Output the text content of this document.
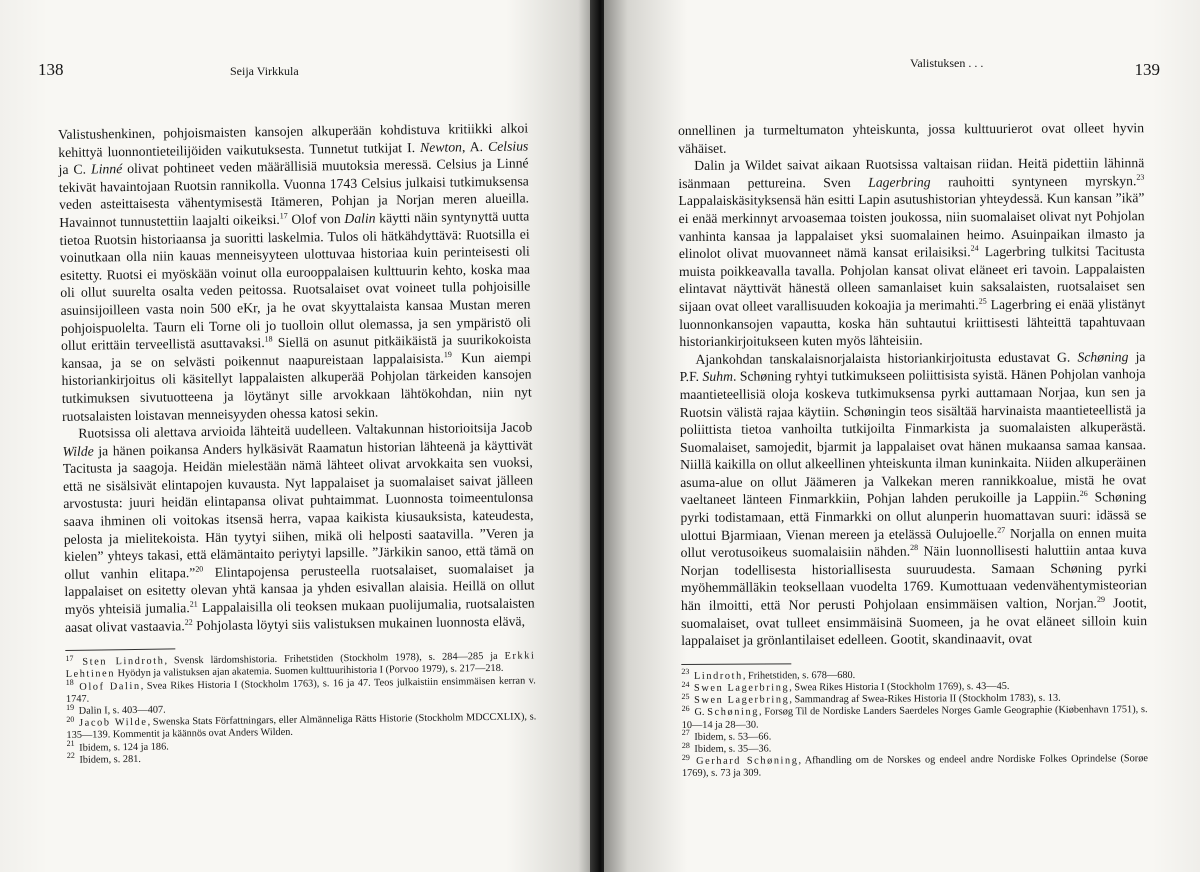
138	Seija Virkkula

Valistushenkinen, pohjoismaisten kansojen alkuperään kohdistuva kritiikki alkoi kehittyä luonnontieteilijöiden vaikutuksesta. Tunnetut tutkijat I. Newton, A. Celsius ja C. Linné olivat pohtineet veden määrällisiä muutoksia meressä. Celsius ja Linné tekivät havaintojaan Ruotsin rannikolla. Vuonna 1743 Celsius julkaisi tutkimuksensa veden asteittaisesta vähentymisestä Itämeren, Pohjan ja Norjan meren alueilla. Havainnot tunnustettiin laajalti oikeiksi.$^{17}$ Olof von Dalin käytti näin syntynyttä uutta tietoa Ruotsin historiaansa ja suoritti laskelmia. Tulos oli hätkähdyttävä: Ruotsilla ei voinutkaan olla niin kauas menneisyyteen ulottuvaa historiaa kuin perinteisesti oli esitetty. Ruotsi ei myöskään voinut olla eurooppalaisen kulttuurin kehto, koska maa oli ollut suurelta osalta veden peitossa. Ruotsalaiset ovat voineet tulla pohjoisille asuinsijoilleen vasta noin 500 eKr, ja he ovat skyyttalaista kansaa Mustan meren pohjoispuolelta. Taurn eli Torne oli jo tuolloin ollut olemassa, ja sen ympäristö oli ollut erittäin terveellistä asuttavaksi.$^{18}$ Siellä on asunut pitkäikäistä ja suurikokoista kansaa, ja se on selvästi poikennut naapureistaan lappalaisista.$^{19}$ Kun aiempi historiankirjoitus oli käsitellyt lappalaisten alkuperää Pohjolan tärkeiden kansojen tutkimuksen sivutuotteena ja löytänyt sille arvokkaan lähtökohdan, niin nyt ruotsalaisten loistavan menneisyyden ohessa katosi sekin.

Ruotsissa oli alettava arvioida lähteitä uudelleen. Valtakunnan historioitsija Jacob Wilde ja hänen poikansa Anders hylkäsivät Raamatun historian lähteenä ja käyttivät Tacitusta ja saagoja. Heidän mielestään nämä lähteet olivat arvokkaita sen vuoksi, että ne sisälsivät elintapojen kuvausta. Nyt lappalaiset ja suomalaiset saivat jälleen arvostusta: juuri heidän elintapansa olivat puhtaimmat. Luonnosta toimeentulonsa saava ihminen oli voitokas itsensä herra, vapaa kaikista kiusauksista, kateudesta, pelosta ja mielitekoista. Hän tyytyi siihen, mikä oli helposti saatavilla. ”Veren ja kielen” yhteys takasi, että elämäntaito periytyi lapsille. ”Järkikin sanoo, että tämä on ollut vanhin elitapa.”$^{20}$ Elintapojensa perusteella ruotsalaiset, suomalaiset ja lappalaiset on esitetty olevan yhtä kansaa ja yhden esivallan alaisia. Heillä on ollut myös yhteisiä jumalia.$^{21}$ Lappalaisilla oli teoksen mukaan puolijumalia, ruotsalaisten aasat olivat vastaavia.$^{22}$ Pohjolasta löytyi siis valistuksen mukainen luonnosta elävä,

$^{17}$ Sten Lindroth, Svensk lärdomshistoria. Frihetstiden (Stockholm 1978), s. 284—285 ja Erkki Lehtinen Hyödyn ja valistuksen ajan akatemia. Suomen kulttuurihistoria I (Porvoo 1979), s. 217—218.
$^{18}$ Olof Dalin, Svea Rikes Historia I (Stockholm 1763), s. 16 ja 47. Teos julkaistiin ensimmäisen kerran v. 1747.
$^{19}$ Dalin I, s. 403—407.
$^{20}$ Jacob Wilde, Swenska Stats Författningars, eller Almänneliga Rätts Historie (Stockholm MDCCXLIX), s. 135—139. Kommentit ja käännös ovat Anders Wilden.
$^{21}$ Ibidem, s. 124 ja 186.
$^{22}$ Ibidem, s. 281.
Valistuksen . . .	139

onnellinen ja turmeltumaton yhteiskunta, jossa kulttuurierot ovat olleet hyvin vähäiset.

Dalin ja Wildet saivat aikaan Ruotsissa valtaisan riidan. Heitä pidettiin lähinnä isänmaan pettureina. Sven Lagerbring rauhoitti syntyneen myrskyn.$^{23}$ Lappalaiskäsityksensä hän esitti Lapin asutushistorian yhteydessä. Kun kansan ”ikä” ei enää merkinnyt arvoasemaa toisten joukossa, niin suomalaiset olivat nyt Pohjolan vanhinta kansaa ja lappalaiset yksi suomalainen heimo. Asuinpaikan ilmasto ja elinolot olivat muovanneet nämä kansat erilaisiksi.$^{24}$ Lagerbring tulkitsi Tacitusta muista poikkeavalla tavalla. Pohjolan kansat olivat eläneet eri tavoin. Lappalaisten elintavat näyttivät hänestä olleen samanlaiset kuin saksalaisten, ruotsalaiset sen sijaan ovat olleet varallisuuden kokoajia ja merimahti.$^{25}$ Lagerbring ei enää ylistänyt luonnonkansojen vapautta, koska hän suhtautui kriittisesti lähteittä tapahtuvaan historiankirjoitukseen kuten myös lähteisiin.

Ajankohdan tanskalaisnorjalaista historiankirjoitusta edustavat G. Schøning ja P.F. Suhm. Schøning ryhtyi tutkimukseen poliittisista syistä. Hänen Pohjolan vanhoja maantieteellisiä oloja koskeva tutkimuksensa pyrki auttamaan Norjaa, kun sen ja Ruotsin välistä rajaa käytiin. Schøningin teos sisältää harvinaista maantieteellistä ja poliittista tietoa vanhoilta tutkijoilta Finmarkista ja suomalaisten alkuperästä. Suomalaiset, samojedit, bjarmit ja lappalaiset ovat hänen mukaansa samaa kansaa. Niillä kaikilla on ollut alkeellinen yhteiskunta ilman kuninkaita. Niiden alkuperäinen asuma-alue on ollut Jäämeren ja Valkekan meren rannikkoalue, mistä he ovat vaeltaneet länteen Finmarkkiin, Pohjan lahden perukoille ja Lappiin.$^{26}$ Schøning pyrki todistamaan, että Finmarkki on ollut alunperin huomattavan suuri: idässä se ulottui Bjarmiaan, Vienan mereen ja etelässä Oulujoelle.$^{27}$ Norjalla on ennen muita ollut verotusoikeus suomalaisiin nähden.$^{28}$ Näin luonnollisesti haluttiin antaa kuva Norjan todellisesta historiallisesta suuruudesta. Samaan Schøning pyrki myöhemmälläkin teoksellaan vuodelta 1769. Kumottuaan vedenvähentymisteorian hän ilmoitti, että Nor perusti Pohjolaan ensimmäisen valtion, Norjan.$^{29}$ Jootit, suomalaiset, ovat tulleet ensimmäisinä Suomeen, ja he ovat eläneet silloin kuin lappalaiset ja grönlantilaiset edelleen. Gootit, skandinaavit, ovat

$^{23}$ Lindroth, Frihetstiden, s. 678—680.
$^{24}$ Swen Lagerbring, Swea Rikes Historia I (Stockholm 1769), s. 43—45.
$^{25}$ Swen Lagerbring, Sammandrag af Swea-Rikes Historia II (Stockholm 1783), s. 13.
$^{26}$ G. Schøning, Forsøg Til de Nordiske Landers Saerdeles Norges Gamle Geographie (Kiøbenhavn 1751), s. 10—14 ja 28—30.
$^{27}$ Ibidem, s. 53—66.
$^{28}$ Ibidem, s. 35—36.
$^{29}$ Gerhard Schøning, Afhandling om de Norskes og endeel andre Nordiske Folkes Oprindelse (Sorøe 1769), s. 73 ja 309.
